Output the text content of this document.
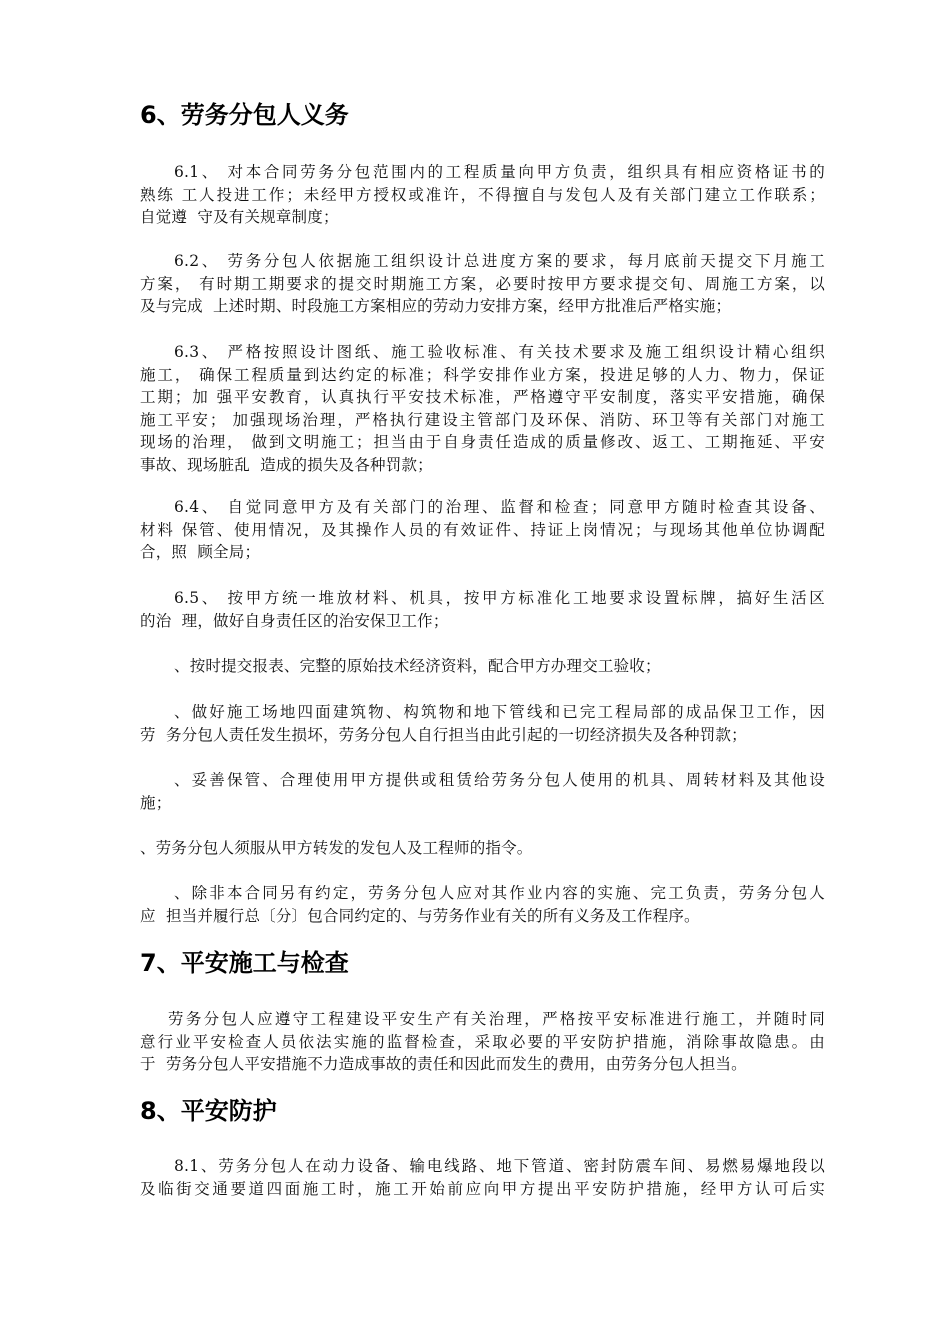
6、劳务分包人义务
6.1、 对本合同劳务分包范围内的工程质量向甲方负责，组织具有相应资格证书的
熟练 工人投进工作；未经甲方授权或准许，不得擅自与发包人及有关部门建立工作联系；
自觉遵  守及有关规章制度；
6.2、 劳务分包人依据施工组织设计总进度方案的要求，每月底前天提交下月施工
方案， 有时期工期要求的提交时期施工方案，必要时按甲方要求提交旬、周施工方案，以
及与完成  上述时期、时段施工方案相应的劳动力安排方案，经甲方批准后严格实施；
6.3、 严格按照设计图纸、施工验收标准、有关技术要求及施工组织设计精心组织
施工， 确保工程质量到达约定的标准；科学安排作业方案，投进足够的人力、物力，保证
工期；加 强平安教育，认真执行平安技术标准，严格遵守平安制度，落实平安措施，确保
施工平安； 加强现场治理，严格执行建设主管部门及环保、消防、环卫等有关部门对施工
现场的治理， 做到文明施工；担当由于自身责任造成的质量修改、返工、工期拖延、平安
事故、现场脏乱  造成的损失及各种罚款；
6.4、 自觉同意甲方及有关部门的治理、监督和检查；同意甲方随时检查其设备、
材料 保管、使用情况，及其操作人员的有效证件、持证上岗情况；与现场其他单位协调配
合，照  顾全局；
6.5、 按甲方统一堆放材料、机具，按甲方标准化工地要求设置标牌，搞好生活区
的治  理，做好自身责任区的治安保卫工作；
、按时提交报表、完整的原始技术经济资料，配合甲方办理交工验收；
、做好施工场地四面建筑物、构筑物和地下管线和已完工程局部的成品保卫工作，因
劳  务分包人责任发生损坏，劳务分包人自行担当由此引起的一切经济损失及各种罚款；
、妥善保管、合理使用甲方提供或租赁给劳务分包人使用的机具、周转材料及其他设
施；
、劳务分包人须服从甲方转发的发包人及工程师的指令。
、除非本合同另有约定，劳务分包人应对其作业内容的实施、完工负责，劳务分包人
应  担当并履行总〔分〕包合同约定的、与劳务作业有关的所有义务及工作程序。
7、平安施工与检查
劳务分包人应遵守工程建设平安生产有关治理，严格按平安标准进行施工，并随时同
意行业平安检查人员依法实施的监督检查，采取必要的平安防护措施，消除事故隐患。由
于  劳务分包人平安措施不力造成事故的责任和因此而发生的费用，由劳务分包人担当。
8、平安防护
8.1、劳务分包人在动力设备、输电线路、地下管道、密封防震车间、易燃易爆地段以
及临街交通要道四面施工时，施工开始前应向甲方提出平安防护措施，经甲方认可后实
